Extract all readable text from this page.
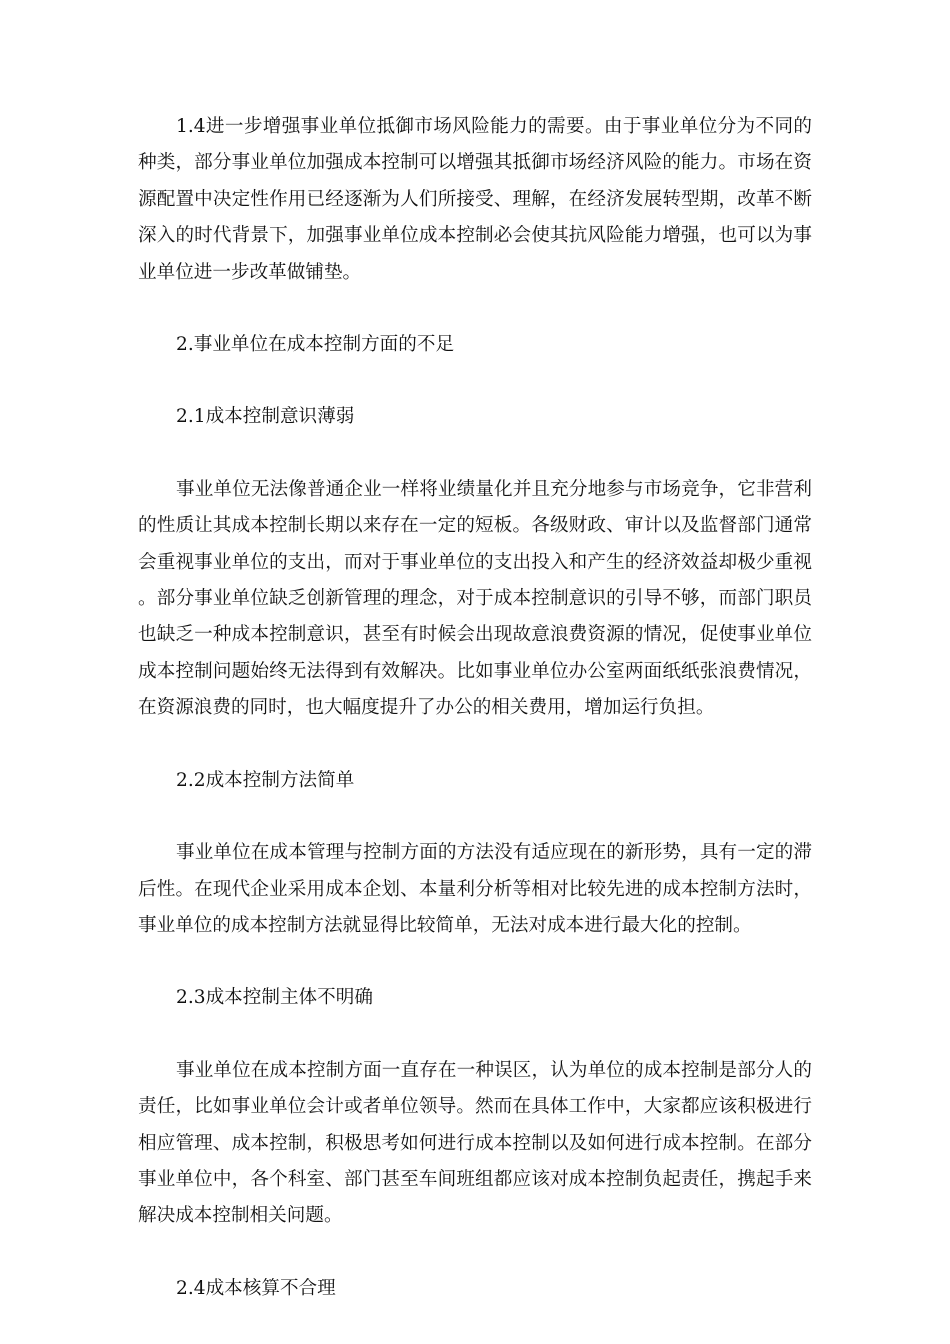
1.4进一步增强事业单位抵御市场风险能力的需要。由于事业单位分为不同的种类，部分事业单位加强成本控制可以增强其抵御市场经济风险的能力。市场在资源配置中决定性作用已经逐渐为人们所接受、理解，在经济发展转型期，改革不断深入的时代背景下，加强事业单位成本控制必会使其抗风险能力增强，也可以为事业单位进一步改革做铺垫。

2.事业单位在成本控制方面的不足

2.1成本控制意识薄弱

事业单位无法像普通企业一样将业绩量化并且充分地参与市场竞争，它非营利的性质让其成本控制长期以来存在一定的短板。各级财政、审计以及监督部门通常会重视事业单位的支出，而对于事业单位的支出投入和产生的经济效益却极少重视。部分事业单位缺乏创新管理的理念，对于成本控制意识的引导不够，而部门职员也缺乏一种成本控制意识，甚至有时候会出现故意浪费资源的情况，促使事业单位成本控制问题始终无法得到有效解决。比如事业单位办公室两面纸纸张浪费情况，在资源浪费的同时，也大幅度提升了办公的相关费用，增加运行负担。

2.2成本控制方法简单

事业单位在成本管理与控制方面的方法没有适应现在的新形势，具有一定的滞后性。在现代企业采用成本企划、本量利分析等相对比较先进的成本控制方法时，事业单位的成本控制方法就显得比较简单，无法对成本进行最大化的控制。

2.3成本控制主体不明确

事业单位在成本控制方面一直存在一种误区，认为单位的成本控制是部分人的责任，比如事业单位会计或者单位领导。然而在具体工作中，大家都应该积极进行相应管理、成本控制，积极思考如何进行成本控制以及如何进行成本控制。在部分事业单位中，各个科室、部门甚至车间班组都应该对成本控制负起责任，携起手来解决成本控制相关问题。

2.4成本核算不合理
